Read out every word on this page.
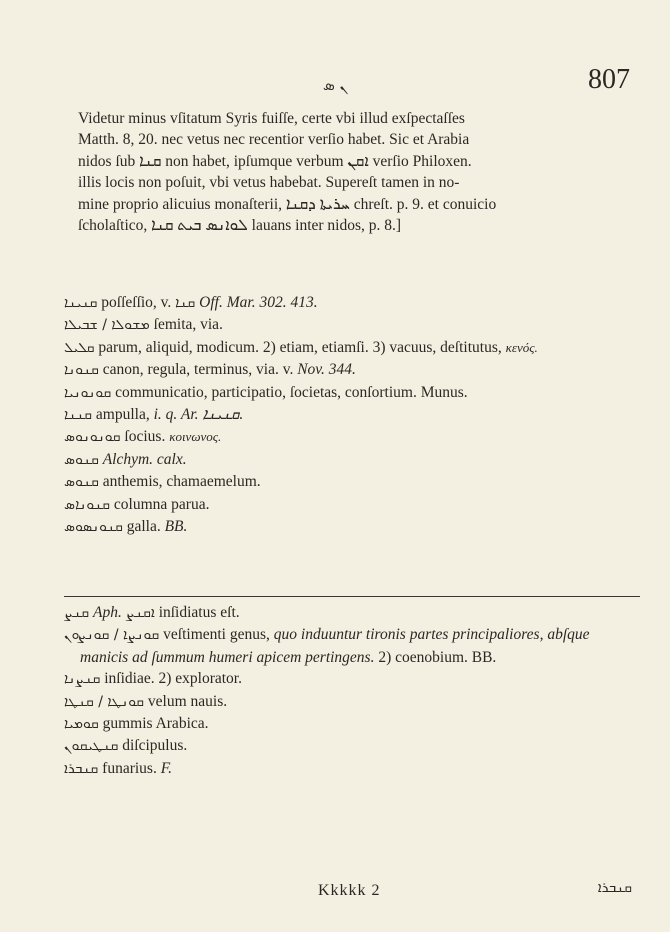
ܢ ܣ	807

Videtur minus vſitatum Syris fuiſſe, certe vbi illud exſpectaſſes

Matth. 8, 20. nec vetus nec recentior verſio habet. Sic et Arabia

nidos ſub ܩܢܐ non habet, ipſumque verbum ܐܩܢ verſio Philoxen.

illis locis non poſuit, vbi vetus habebat. Supereſt tamen in no-

mine proprio alicuius monaſterii, ܚܪܝܬܐ ܕܩܢܐ chreſt. p. 9. et conuicio

ſcholaſtico, ܠܘܐܢܣ ܒܝܬ ܩܢܐ lauans inter nidos, p. 8.]

ܩܢܝܢܐ poſſeſſio, v. ܩܢܐ Off. Mar. 302. 413.

ܡܫܘܠܐ / ܫܒܝܠܐ ſemita, via.

ܩܠܝܠ parum, aliquid, modicum. 2) etiam, etiamſi. 3) vacuus, deſtitutus, κενός.

ܩܢܘܢܐ canon, regula, terminus, via. v. Nov. 344.

ܩܘܢܘܢܝܐ communicatio, participatio, ſocietas, conſortium. Munus.

ܩܢܢܐ ampulla, i. q. Ar. ܩܢܝܢܐ.

ܩܘܢܘܢܘܣ ſocius. κοινωνος.

ܩܢܘܣ Alchym. calx.

ܩܢܘܣ anthemis, chamaemelum.

ܩܢܘܢܐܣ columna parua.

ܩܢܘܢܣܘܣ galla. BB.

ܩܢܨ Aph. ܐܩܢܨ inſidiatus eſt.

ܩܘܢܨܐ / ܩܘܢܨܘܢ veſtimenti genus, quo induuntur tironis partes principaliores, abſque manicis ad ſummum humeri apicem pertingens. 2) coenobium. BB.

ܩܢܨܢܐ inſidiae. 2) explorator.

ܩܘܢܛܐ / ܩܢܛܐ velum nauis.

ܩܘܡܝܐ gummis Arabica.

ܩܢܛܝܩܘܢ diſcipulus.

ܩܢܒܪܐ funarius. F.

Kkkkk 2	ܩܢܒܪܐ
